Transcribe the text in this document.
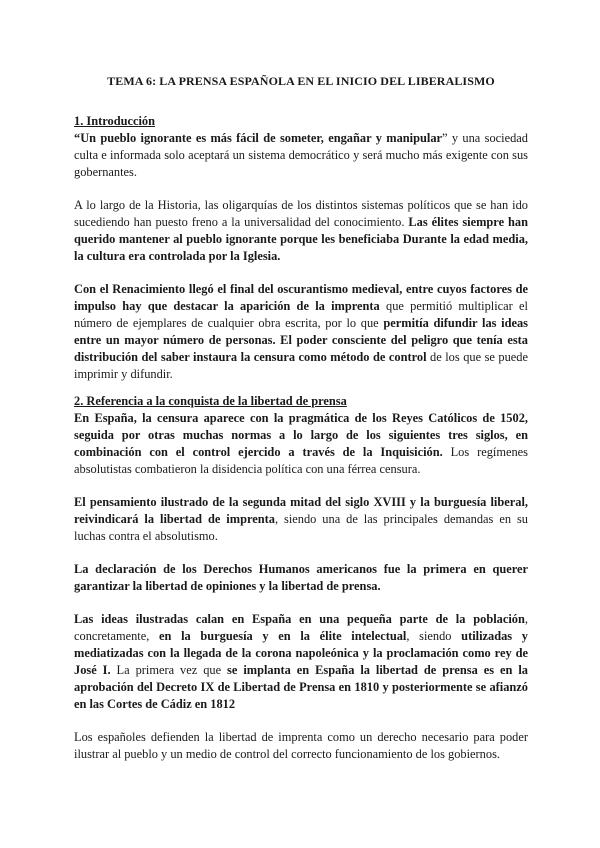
TEMA 6: LA PRENSA ESPAÑOLA EN EL INICIO DEL LIBERALISMO
1. Introducción

“Un pueblo ignorante es más fácil de someter, engañar y manipular” y una sociedad culta e informada solo aceptará un sistema democrático y será mucho más exigente con sus gobernantes.

A lo largo de la Historia, las oligarquías de los distintos sistemas políticos que se han ido sucediendo han puesto freno a la universalidad del conocimiento. Las élites siempre han querido mantener al pueblo ignorante porque les beneficiaba Durante la edad media, la cultura era controlada por la Iglesia.

Con el Renacimiento llegó el final del oscurantismo medieval, entre cuyos factores de impulso hay que destacar la aparición de la imprenta que permitió multiplicar el número de ejemplares de cualquier obra escrita, por lo que permitía difundir las ideas entre un mayor número de personas. El poder consciente del peligro que tenía esta distribución del saber instaura la censura como método de control de los que se puede imprimir y difundir.

2. Referencia a la conquista de la libertad de prensa

En España, la censura aparece con la pragmática de los Reyes Católicos de 1502, seguida por otras muchas normas a lo largo de los siguientes tres siglos, en combinación con el control ejercido a través de la Inquisición. Los regímenes absolutistas combatieron la disidencia política con una férrea censura.

El pensamiento ilustrado de la segunda mitad del siglo XVIII y la burguesía liberal, reivindicará la libertad de imprenta, siendo una de las principales demandas en su luchas contra el absolutismo.

La declaración de los Derechos Humanos americanos fue la primera en querer garantizar la libertad de opiniones y la libertad de prensa.

Las ideas ilustradas calan en España en una pequeña parte de la población, concretamente, en la burguesía y en la élite intelectual, siendo utilizadas y mediatizadas con la llegada de la corona napoleónica y la proclamación como rey de José I. La primera vez que se implanta en España la libertad de prensa es en la aprobación del Decreto IX de Libertad de Prensa en 1810 y posteriormente se afianzó en las Cortes de Cádiz en 1812

Los españoles defienden la libertad de imprenta como un derecho necesario para poder ilustrar al pueblo y un medio de control del correcto funcionamiento de los gobiernos.
